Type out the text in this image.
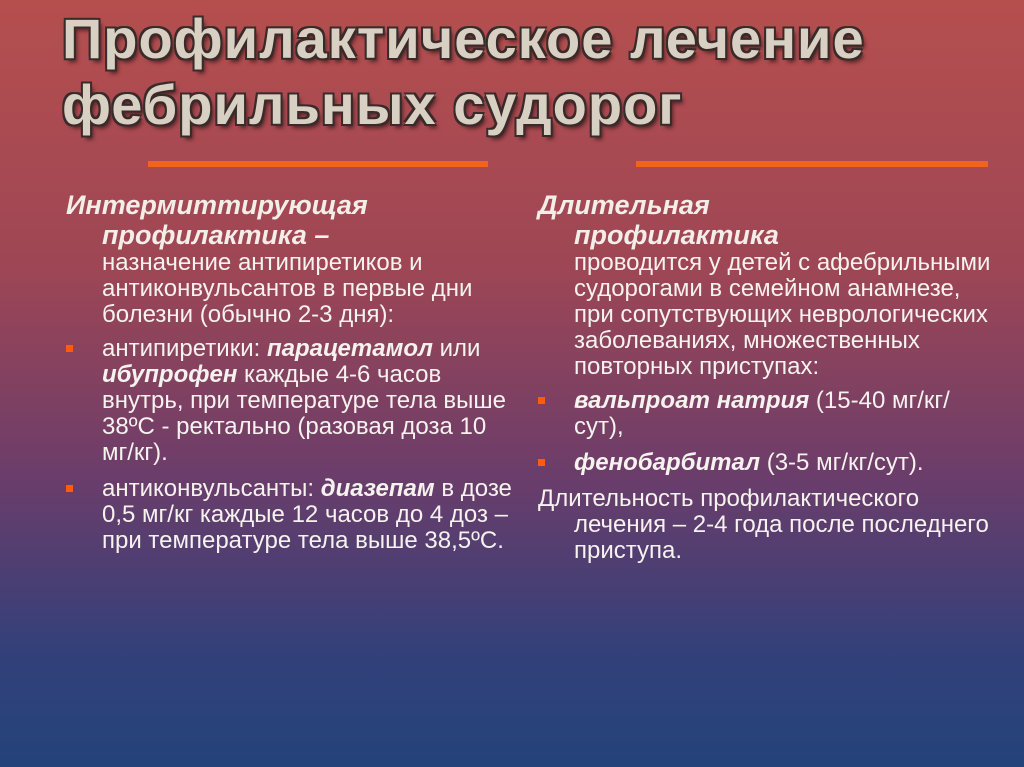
Профилактическое лечение
фебрильных судорог
Интермиттирующая
профилактика –
назначение антипиретиков и антиконвульсантов в первые дни болезни (обычно 2-3 дня):
антипиретики: парацетамол или ибупрофен каждые 4-6 часов внутрь, при температуре тела выше 38ºС - ректально (разовая доза 10 мг/кг).
антиконвульсанты: диазепам в дозе 0,5 мг/кг каждые 12 часов до 4 доз – при температуре тела выше 38,5ºС.
Длительная
профилактика
проводится у детей с афебрильными судорогами в семейном анамнезе, при сопутствующих неврологических заболеваниях, множественных повторных приступах:
вальпроат натрия (15-40 мг/кг/сут),
фенобарбитал (3-5 мг/кг/сут).
Длительность профилактического лечения – 2-4 года после последнего приступа.
